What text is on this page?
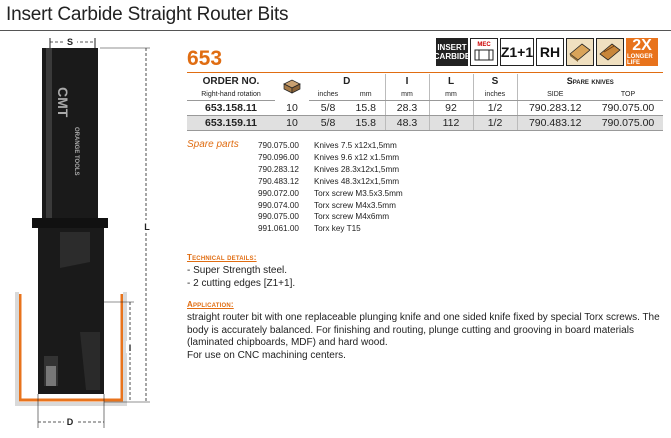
Insert Carbide Straight Router Bits
S
CMT
ORANGE TOOLS
L
I
D
653	INSERT
CARBIDE
MEC Z1+1 RH	2X
LONGER LIFE
ORDER NO.		D		I	L	S	Spare knives	
Right-hand rotation		inches	mm	mm	mm	inches	SIDE	TOP
653.158.11	10	5/8	15.8	28.3	92	1/2	790.283.12	790.075.00
653.159.11	10	5/8	15.8	48.3	112	1/2	790.483.12	790.075.00
Spare parts 790.075.00	Knives 7.5 x12x1,5mm
790.096.00	Knives 9.6 x12 x1.5mm
790.283.12	Knives 28.3x12x1,5mm
790.483.12	Knives 48.3x12x1,5mm
990.072.00	Torx screw M3.5x3.5mm
990.074.00	Torx screw M4x3.5mm
990.075.00	Torx screw M4x6mm
991.061.00	Torx key T15
Technical details:
- Super Strength steel.
- 2 cutting edges [Z1+1].
Application:
straight router bit with one replaceable plunging knife and one sided knife fixed by special Torx screws. The body is accurately balanced. For finishing and routing, plunge cutting and grooving in board materials (laminated chipboards, MDF) and hard wood.
For use on CNC machining centers.
